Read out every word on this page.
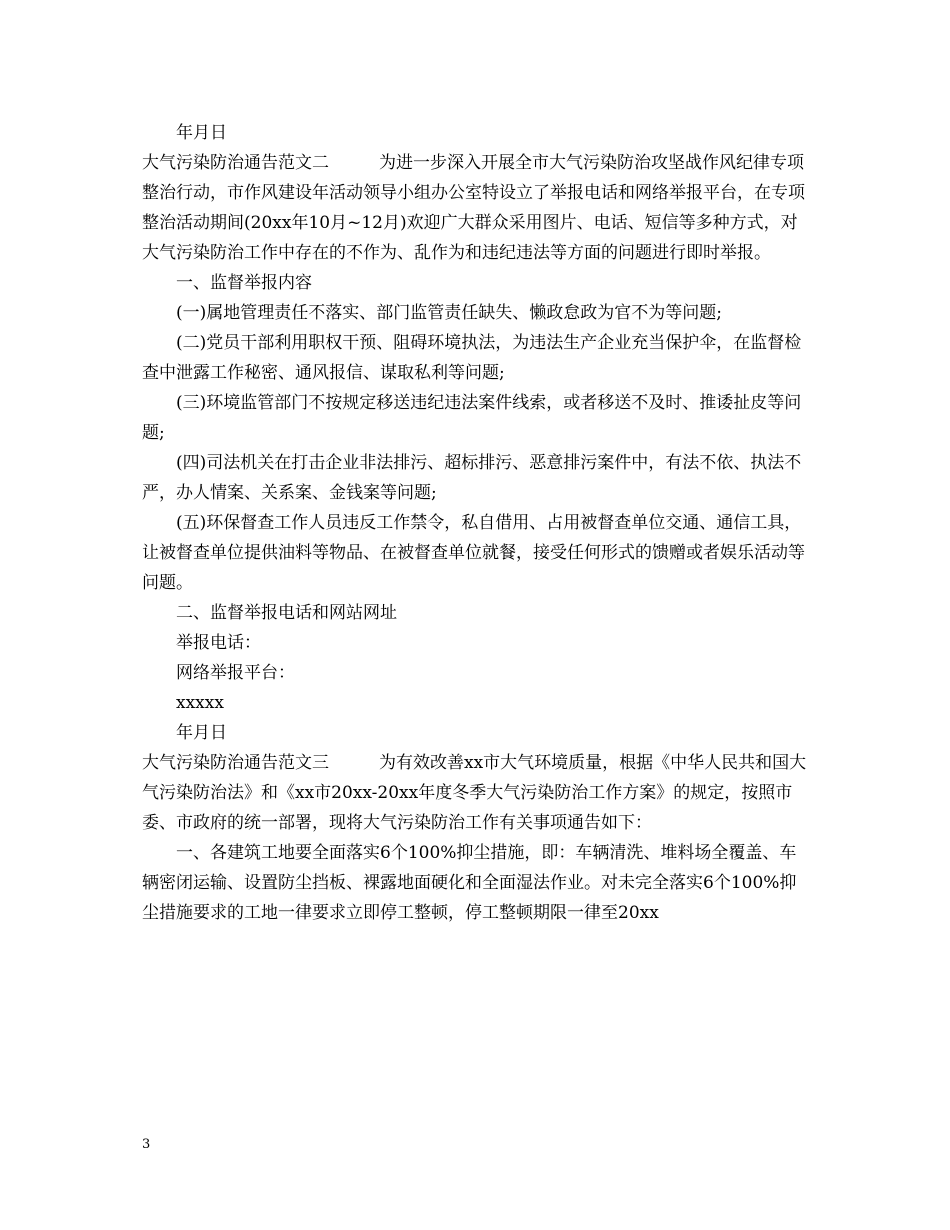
年月日

大气污染防治通告范文二	为进一步深入开展全市大气污染防治攻坚战作风纪律专项整治行动，市作风建设年活动领导小组办公室特设立了举报电话和网络举报平台，在专项整治活动期间(20xx年10月~12月)欢迎广大群众采用图片、电话、短信等多种方式，对大气污染防治工作中存在的不作为、乱作为和违纪违法等方面的问题进行即时举报。

一、监督举报内容

(一)属地管理责任不落实、部门监管责任缺失、懒政怠政为官不为等问题;

(二)党员干部利用职权干预、阻碍环境执法，为违法生产企业充当保护伞，在监督检查中泄露工作秘密、通风报信、谋取私利等问题;

(三)环境监管部门不按规定移送违纪违法案件线索，或者移送不及时、推诿扯皮等问题;

(四)司法机关在打击企业非法排污、超标排污、恶意排污案件中，有法不依、执法不严，办人情案、关系案、金钱案等问题;

(五)环保督查工作人员违反工作禁令，私自借用、占用被督查单位交通、通信工具，让被督查单位提供油料等物品、在被督查单位就餐，接受任何形式的馈赠或者娱乐活动等问题。

二、监督举报电话和网站网址

举报电话：

网络举报平台：

xxxxx

年月日

大气污染防治通告范文三	为有效改善xx市大气环境质量，根据《中华人民共和国大气污染防治法》和《xx市20xx-20xx年度冬季大气污染防治工作方案》的规定，按照市委、市政府的统一部署，现将大气污染防治工作有关事项通告如下：

一、各建筑工地要全面落实6个100%抑尘措施，即：车辆清洗、堆料场全覆盖、车辆密闭运输、设置防尘挡板、裸露地面硬化和全面湿法作业。对未完全落实6个100%抑尘措施要求的工地一律要求立即停工整顿，停工整顿期限一律至20xx

3
